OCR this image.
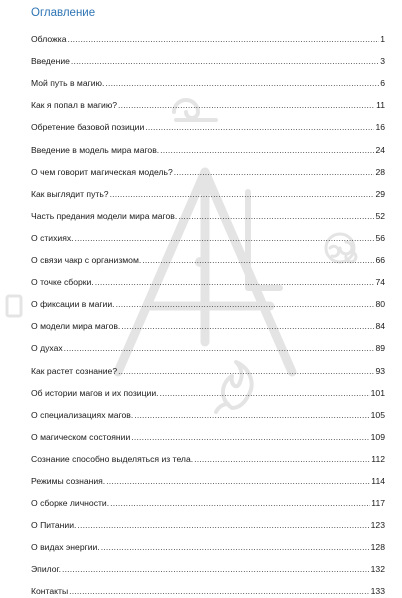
Оглавление
Обложка .....	1
Введение .....	3
Мой путь в магию. .....	6
Как я попал в магию? .....	11
Обретение базовой позиции .....	16
Введение в модель мира магов. .....	24
О чем говорит магическая модель? .....	28
Как выглядит путь? .....	29
Часть предания модели мира магов. .....	52
О стихиях. .....	56
О связи чакр с организмом. .....	66
О точке сборки. .....	74
О фиксации в магии. .....	80
О модели мира магов. .....	84
О духах .....	89
Как растет сознание? .....	93
Об истории магов и их позиции. .....	101
О специализациях магов. .....	105
О магическом состоянии .....	109
Сознание способно выделяться из тела. .....	112
Режимы сознания. .....	114
О сборке личности. .....	117
О Питании. .....	123
О видах энергии. .....	128
Эпилог. .....	132
Контакты .....	133
